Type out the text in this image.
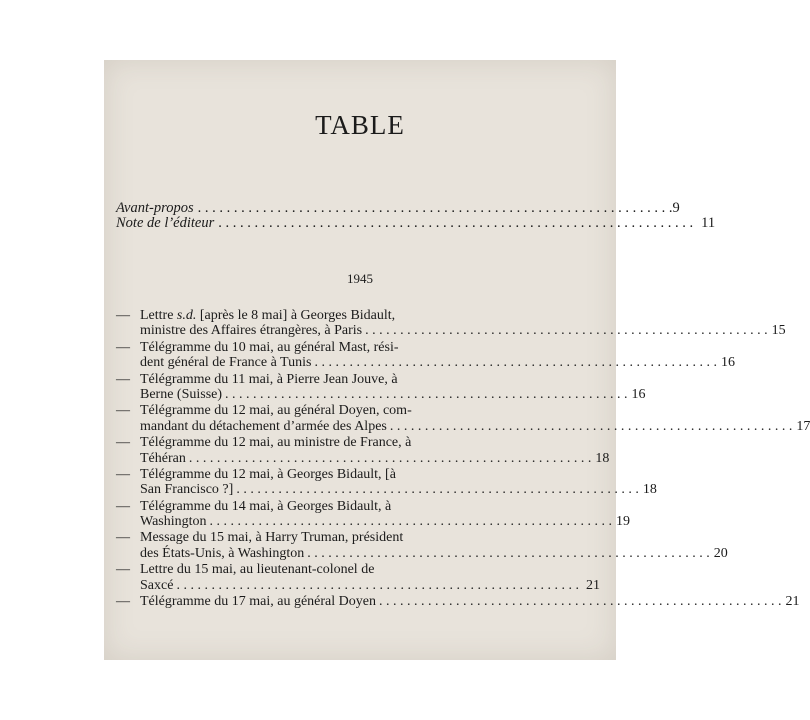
TABLE
Avant-propos . . . . . . . . . . . . . . . . . . . . . . . . . . . . . . . . . . . . . . . . . . . . . . . . . . . . . . . . . . . . . . . . . . 9
Note de l’éditeur . . . . . . . . . . . . . . . . . . . . . . . . . . . . . . . . . . . . . . . . . . . . . . . . . . . . . . . . . . . . . . . . . . 11
1945
— Lettre s.d. [après le 8 mai] à Georges Bidault,
ministre des Affaires étrangères, à Paris . . . . . . . . . . . . . . . . . . . . . . . . . . . . . . . . . . . . . . . . . . . . . . . . . . . . . . . . . . 15
— Télégramme du 10 mai, au général Mast, rési-
dent général de France à Tunis . . . . . . . . . . . . . . . . . . . . . . . . . . . . . . . . . . . . . . . . . . . . . . . . . . . . . . . . . . 16
— Télégramme du 11 mai, à Pierre Jean Jouve, à
Berne (Suisse) . . . . . . . . . . . . . . . . . . . . . . . . . . . . . . . . . . . . . . . . . . . . . . . . . . . . . . . . . . 16
— Télégramme du 12 mai, au général Doyen, com-
mandant du détachement d’armée des Alpes . . . . . . . . . . . . . . . . . . . . . . . . . . . . . . . . . . . . . . . . . . . . . . . . . . . . . . . . . . 17
— Télégramme du 12 mai, au ministre de France, à
Téhéran . . . . . . . . . . . . . . . . . . . . . . . . . . . . . . . . . . . . . . . . . . . . . . . . . . . . . . . . . . 18
— Télégramme du 12 mai, à Georges Bidault, [à
San Francisco ?] . . . . . . . . . . . . . . . . . . . . . . . . . . . . . . . . . . . . . . . . . . . . . . . . . . . . . . . . . . 18
— Télégramme du 14 mai, à Georges Bidault, à
Washington . . . . . . . . . . . . . . . . . . . . . . . . . . . . . . . . . . . . . . . . . . . . . . . . . . . . . . . . . . 19
— Message du 15 mai, à Harry Truman, président
des États-Unis, à Washington . . . . . . . . . . . . . . . . . . . . . . . . . . . . . . . . . . . . . . . . . . . . . . . . . . . . . . . . . . 20
— Lettre du 15 mai, au lieutenant-colonel de
Saxcé . . . . . . . . . . . . . . . . . . . . . . . . . . . . . . . . . . . . . . . . . . . . . . . . . . . . . . . . . . 21
— Télégramme du 17 mai, au général Doyen . . . . . . . . . . . . . . . . . . . . . . . . . . . . . . . . . . . . . . . . . . . . . . . . . . . . . . . . . . 21
